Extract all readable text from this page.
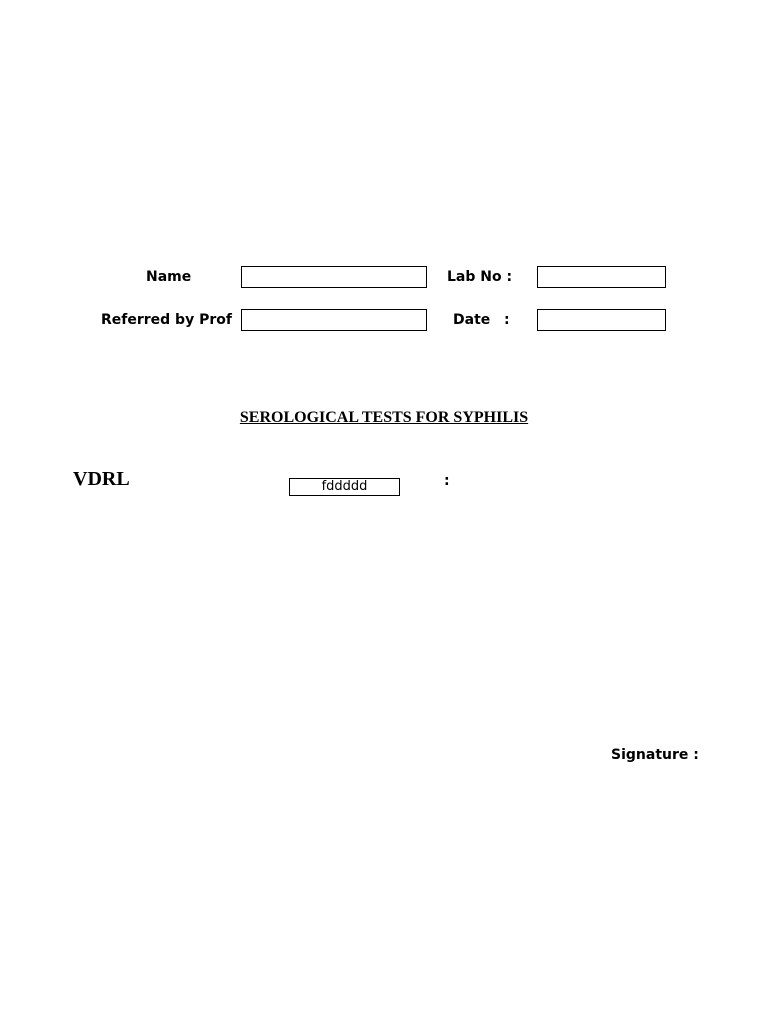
Name	Lab No :
Referred by Prof	Date :
SEROLOGICAL TESTS FOR SYPHILIS
VDRL	fddddd	:
Signature :
